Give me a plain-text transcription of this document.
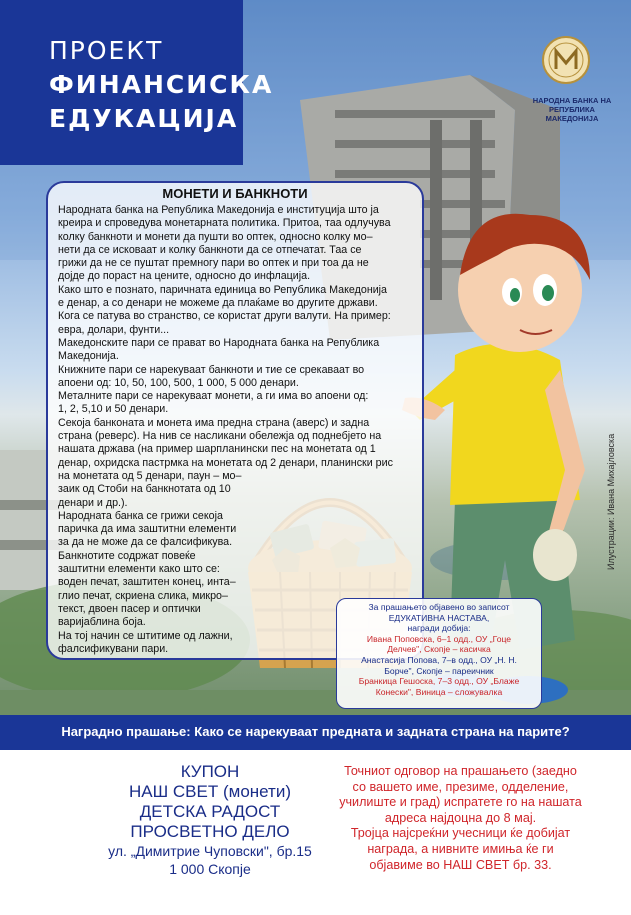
ПРОЕКТ
ФИНАНСИСКА
ЕДУКАЦИЈА
НАРОДНА БАНКА НА
РЕПУБЛИКА МАКЕДОНИЈА
МОНЕТИ И БАНКНОТИ
Народната банка на Република Македонија е институција што ја
креира и спроведува монетарната политика. Притоа, таа одлучува
колку банкноти и монети да пушти во оптек, односно колку мо–
нети да се исковаат и колку банкноти да се отпечатат. Таа се
грижи да не се пуштат премногу пари во оптек и при тоа да не
дојде до пораст на цените, односно до инфлација.
Како што е познато, паричната единица во Република Македонија
е денар, а со денари не можеме да плаќаме во другите држави.
Кога се патува во странство, се користат други валути. На пример:
евра, долари, фунти...
Македонските пари се прават во Народната банка на Република
Македонија.
Книжните пари се нарекуваат банкноти и тие се срекаваат во
апоени од: 10, 50, 100, 500, 1 000, 5 000 денари.
Металните пари се нарекуваат монети, а ги има во апоени од:
1, 2, 5,10 и 50 денари.
Секоја банконата и монета има предна страна (аверс) и задна
страна (реверс). На нив се насликани обележја од поднебјето на
нашата држава (на пример шарпланински пес на монетата од 1
денар, охридска пастрмка на монетата од 2 денари, планински рис
на монетата од 5 денари, паун – мо–
заик од Стоби на банкнотата од 10
денари и др.).
Народната банка се грижи секоја
паричка да има заштитни елементи
за да не може да се фалсификува.
Банкнотите содржат повеќе
заштитни елементи како што се:
воден печат, заштитен конец, инта–
глио печат, скриена слика, микро–
текст, двоен пасер и оптички
варијаблина боја.
На тој начин се штитиме од лажни,
фалсификувани пари.
За прашањето објавено во записот
ЕДУКАТИВНА НАСТАВА,
награди добија:
Ивана Поповска, 6–1 одд., ОУ „Гоце
Делчев", Скопје – касичка
Анастасија Попова, 7–в одд., ОУ „Н. Н.
Борче", Скопје – пареичник
Бранкица Гешоска, 7–3 одд., ОУ „Блаже
Конески", Виница – сложувалка
Илустрации: Ивана Михајловска
Наградно прашање: Како се нарекуваат предната и задната страна на парите?
КУПОН
НАШ СВЕТ (монети)
ДЕТСКА РАДОСТ
ПРОСВЕТНО ДЕЛО
ул. „Димитрие Чуповски", бр.15
1 000 Скопје
Точниот одговор на прашањето (заедно
со вашето име, презиме, одделение,
училиште и град) испратете го на нашата
адреса најдоцна до 8 мај.
Тројца најсреќни учесници ќе добијат
награда, а нивните имиња ќе ги
објавиме во НАШ СВЕТ бр. 33.
